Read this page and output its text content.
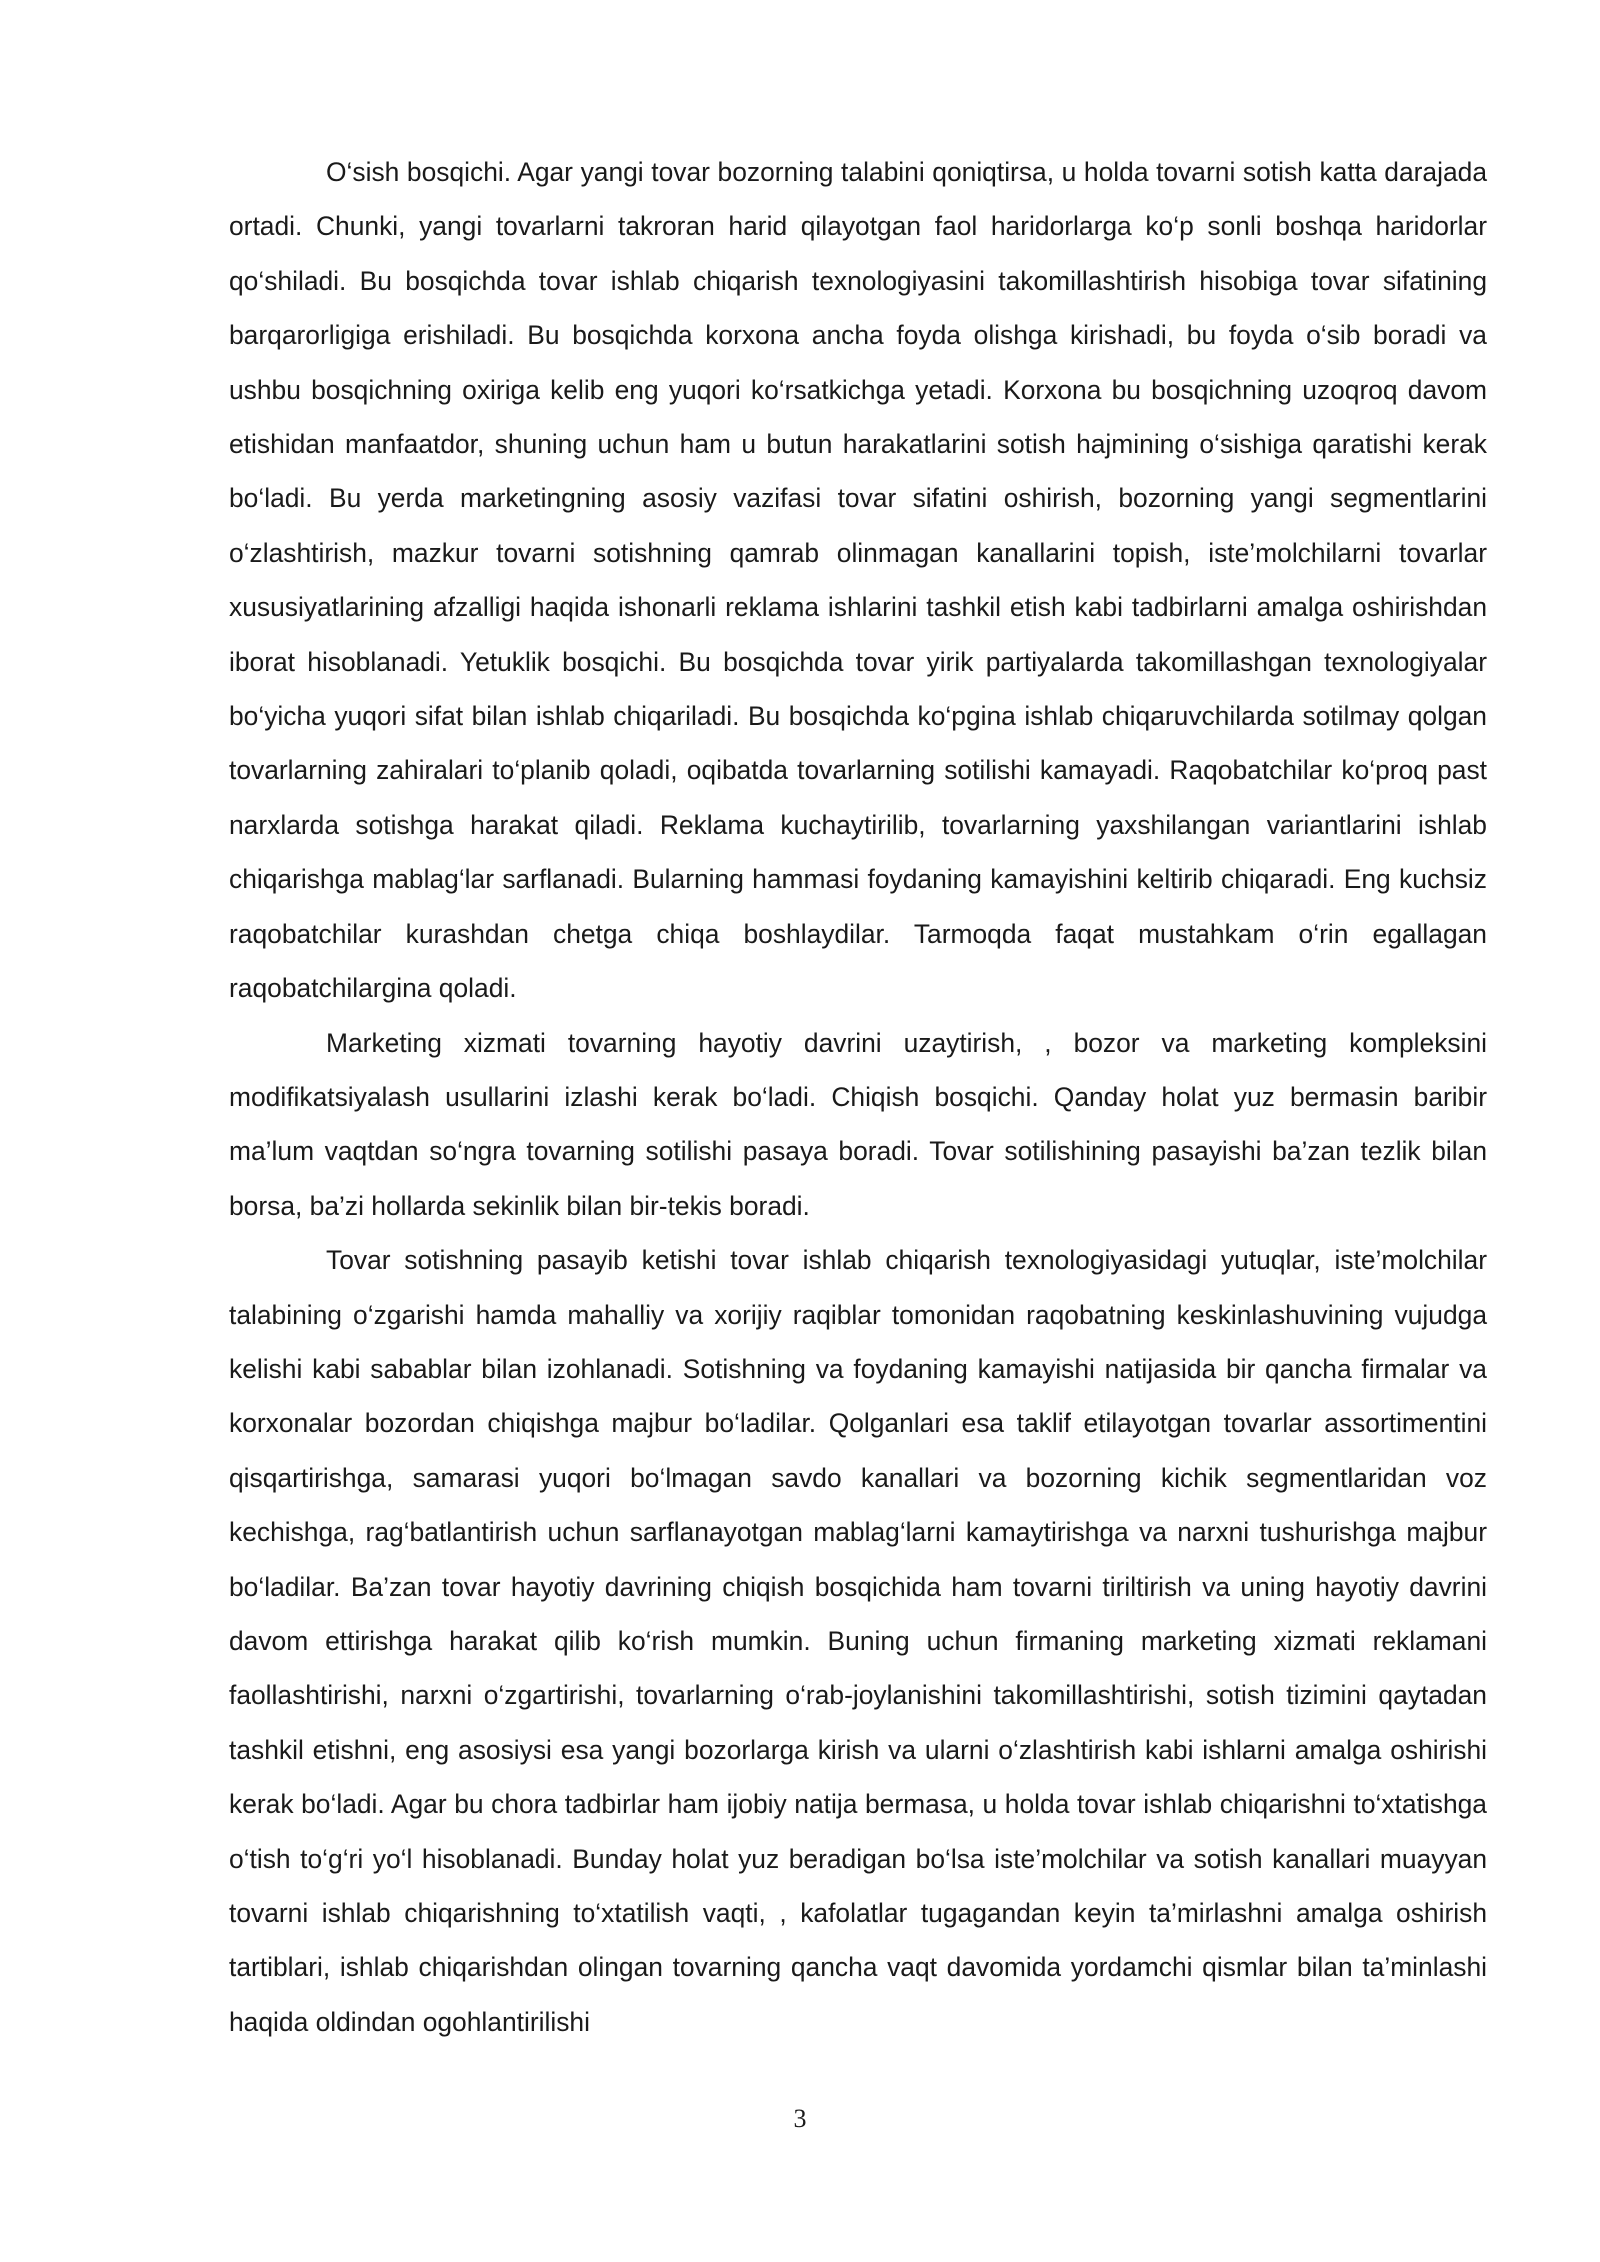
O‘sish bosqichi. Agar yangi tovar bozorning talabini qoniqtirsa, u holda tovarni sotish katta darajada ortadi. Chunki, yangi tovarlarni takroran harid qilayotgan faol haridorlarga ko‘p sonli boshqa haridorlar qo‘shiladi. Bu bosqichda tovar ishlab chiqarish texnologiyasini takomillashtirish hisobiga tovar sifatining barqarorligiga erishiladi. Bu bosqichda korxona ancha foyda olishga kirishadi, bu foyda o‘sib boradi va ushbu bosqichning oxiriga kelib eng yuqori ko‘rsatkichga yetadi. Korxona bu bosqichning uzoqroq davom etishidan manfaatdor, shuning uchun ham u butun harakatlarini sotish hajmining o‘sishiga qaratishi kerak bo‘ladi. Bu yerda marketingning asosiy vazifasi tovar sifatini oshirish, bozorning yangi segmentlarini o‘zlashtirish, mazkur tovarni sotishning qamrab olinmagan kanallarini topish, iste’molchilarni tovarlar xususiyatlarining afzalligi haqida ishonarli reklama ishlarini tashkil etish kabi tadbirlarni amalga oshirishdan iborat hisoblanadi. Yetuklik bosqichi. Bu bosqichda tovar yirik partiyalarda takomillashgan texnologiyalar bo‘yicha yuqori sifat bilan ishlab chiqariladi. Bu bosqichda ko‘pgina ishlab chiqaruvchilarda sotilmay qolgan tovarlarning zahiralari to‘planib qoladi, oqibatda tovarlarning sotilishi kamayadi. Raqobatchilar ko‘proq past narxlarda sotishga harakat qiladi. Reklama kuchaytirilib, tovarlarning yaxshilangan variantlarini ishlab chiqarishga mablag‘lar sarflanadi. Bularning hammasi foydaning kamayishini keltirib chiqaradi. Eng kuchsiz raqobatchilar kurashdan chetga chiqa boshlaydilar. Tarmoqda faqat mustahkam o‘rin egallagan raqobatchilargina qoladi.

Marketing xizmati tovarning hayotiy davrini uzaytirish, , bozor va marketing kompleksini modifikatsiyalash usullarini izlashi kerak bo‘ladi. Chiqish bosqichi. Qanday holat yuz bermasin baribir ma’lum vaqtdan so‘ngra tovarning sotilishi pasaya boradi. Tovar sotilishining pasayishi ba’zan tezlik bilan borsa, ba’zi hollarda sekinlik bilan bir-tekis boradi.

Tovar sotishning pasayib ketishi tovar ishlab chiqarish texnologiyasidagi yutuqlar, iste’molchilar talabining o‘zgarishi hamda mahalliy va xorijiy raqiblar tomonidan raqobatning keskinlashuvining vujudga kelishi kabi sabablar bilan izohlanadi. Sotishning va foydaning kamayishi natijasida bir qancha firmalar va korxonalar bozordan chiqishga majbur bo‘ladilar. Qolganlari esa taklif etilayotgan tovarlar assortimentini qisqartirishga, samarasi yuqori bo‘lmagan savdo kanallari va bozorning kichik segmentlaridan voz kechishga, rag‘batlantirish uchun sarflanayotgan mablag‘larni kamaytirishga va narxni tushurishga majbur bo‘ladilar. Ba’zan tovar hayotiy davrining chiqish bosqichida ham tovarni tiriltirish va uning hayotiy davrini davom ettirishga harakat qilib ko‘rish mumkin. Buning uchun firmaning marketing xizmati reklamani faollashtirishi, narxni o‘zgartirishi, tovarlarning o‘rab-joylanishini takomillashtirishi, sotish tizimini qaytadan tashkil etishni, eng asosiysi esa yangi bozorlarga kirish va ularni o‘zlashtirish kabi ishlarni amalga oshirishi kerak bo‘ladi. Agar bu chora tadbirlar ham ijobiy natija bermasa, u holda tovar ishlab chiqarishni to‘xtatishga o‘tish to‘g‘ri yo‘l hisoblanadi. Bunday holat yuz beradigan bo‘lsa iste’molchilar va sotish kanallari muayyan tovarni ishlab chiqarishning to‘xtatilish vaqti, , kafolatlar tugagandan keyin ta’mirlashni amalga oshirish tartiblari, ishlab chiqarishdan olingan tovarning qancha vaqt davomida yordamchi qismlar bilan ta’minlashi haqida oldindan ogohlantirilishi

3
